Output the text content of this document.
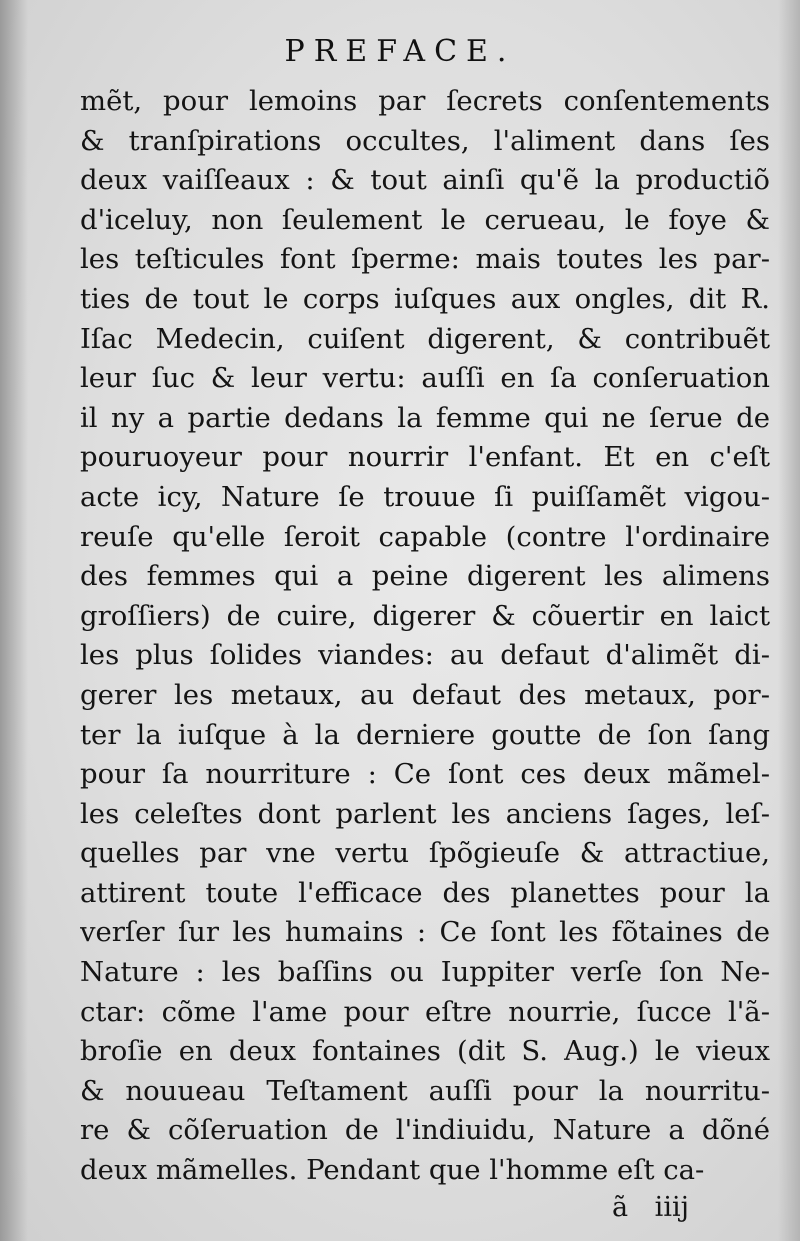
PREFACE.
mẽt, pour lemoins par ſecrets conſentements
& tranſpirations occultes, l'aliment dans ſes
deux vaiſſeaux : & tout ainſi qu'ẽ la productiõ
d'iceluy, non ſeulement le cerueau, le foye &
les teſticules font ſperme: mais toutes les par-
ties de tout le corps iuſques aux ongles, dit R.
Iſac Medecin, cuiſent digerent, & contribuẽt
leur ſuc & leur vertu: auſſi en ſa conſeruation
il ny a partie dedans la femme qui ne ſerue de
pouruoyeur pour nourrir l'enfant. Et en c'eſt
acte icy, Nature ſe trouue ſi puiſſamẽt vigou-
reuſe qu'elle ſeroit capable (contre l'ordinaire
des femmes qui a peine digerent les alimens
groſſiers) de cuire, digerer & cõuertir en laict
les plus ſolides viandes: au defaut d'alimẽt di-
gerer les metaux, au defaut des metaux, por-
ter la iuſque à la derniere goutte de ſon ſang
pour ſa nourriture : Ce ſont ces deux mãmel-
les celeſtes dont parlent les anciens ſages, leſ-
quelles par vne vertu ſpõgieuſe & attractiue,
attirent toute l'efficace des planettes pour la
verſer ſur les humains : Ce ſont les fõtaines de
Nature : les baſſins ou Iuppiter verſe ſon Ne-
ctar: cõme l'ame pour eſtre nourrie, ſucce l'ã-
broſie en deux fontaines (dit S. Aug.) le vieux
& nouueau Teſtament auſſi pour la nourritu-
re & cõſeruation de l'indiuidu, Nature a dõné
deux mãmelles. Pendant que l'homme eſt ca-
ã iiij
